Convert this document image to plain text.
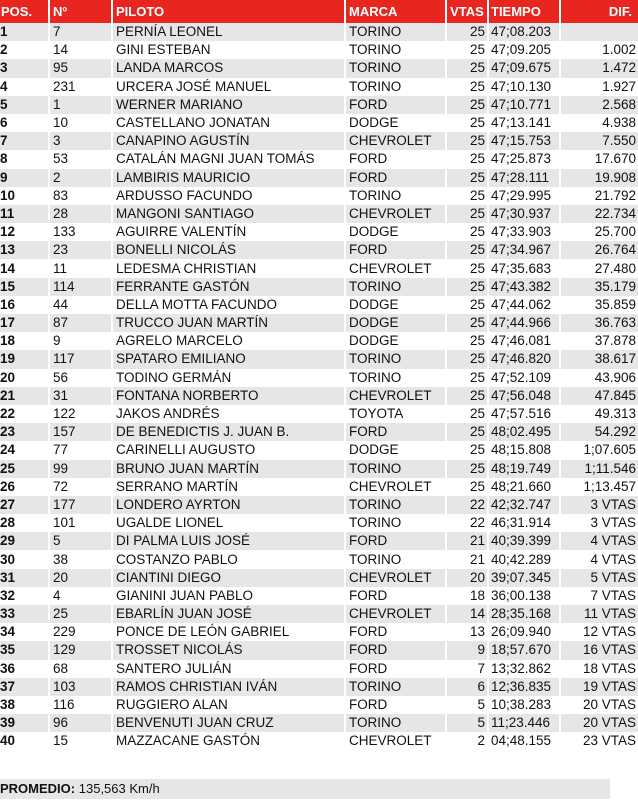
POS.	Nº	PILOTO	MARCA	VTAS	TIEMPO	DIF.
1	7	PERNÍA LEONEL	TORINO	25	47;08.203	
2	14	GINI ESTEBAN	TORINO	25	47;09.205	1.002
3	95	LANDA MARCOS	TORINO	25	47;09.675	1.472
4	231	URCERA JOSÉ MANUEL	TORINO	25	47;10.130	1.927
5	1	WERNER MARIANO	FORD	25	47;10.771	2.568
6	10	CASTELLANO JONATAN	DODGE	25	47;13.141	4.938
7	3	CANAPINO AGUSTÍN	CHEVROLET	25	47;15.753	7.550
8	53	CATALÁN MAGNI JUAN TOMÁS	FORD	25	47;25.873	17.670
9	2	LAMBIRIS MAURICIO	FORD	25	47;28.111	19.908
10	83	ARDUSSO FACUNDO	TORINO	25	47;29.995	21.792
11	28	MANGONI SANTIAGO	CHEVROLET	25	47;30.937	22.734
12	133	AGUIRRE VALENTÍN	DODGE	25	47;33.903	25.700
13	23	BONELLI NICOLÁS	FORD	25	47;34.967	26.764
14	11	LEDESMA CHRISTIAN	CHEVROLET	25	47;35.683	27.480
15	114	FERRANTE GASTÓN	TORINO	25	47;43.382	35.179
16	44	DELLA MOTTA FACUNDO	DODGE	25	47;44.062	35.859
17	87	TRUCCO JUAN MARTÍN	DODGE	25	47;44.966	36.763
18	9	AGRELO MARCELO	DODGE	25	47;46.081	37.878
19	117	SPATARO EMILIANO	TORINO	25	47;46.820	38.617
20	56	TODINO GERMÁN	TORINO	25	47;52.109	43.906
21	31	FONTANA NORBERTO	CHEVROLET	25	47;56.048	47.845
22	122	JAKOS ANDRÉS	TOYOTA	25	47;57.516	49.313
23	157	DE BENEDICTIS J. JUAN B.	FORD	25	48;02.495	54.292
24	77	CARINELLI AUGUSTO	DODGE	25	48;15.808	1;07.605
25	99	BRUNO JUAN MARTÍN	TORINO	25	48;19.749	1;11.546
26	72	SERRANO MARTÍN	CHEVROLET	25	48;21.660	1;13.457
27	177	LONDERO AYRTON	TORINO	22	42;32.747	3 VTAS
28	101	UGALDE LIONEL	TORINO	22	46;31.914	3 VTAS
29	5	DI PALMA LUIS JOSÉ	FORD	21	40;39.399	4 VTAS
30	38	COSTANZO PABLO	TORINO	21	40;42.289	4 VTAS
31	20	CIANTINI DIEGO	CHEVROLET	20	39;07.345	5 VTAS
32	4	GIANINI JUAN PABLO	FORD	18	36;00.138	7 VTAS
33	25	EBARLÍN JUAN JOSÉ	CHEVROLET	14	28;35.168	11 VTAS
34	229	PONCE DE LEÓN GABRIEL	FORD	13	26;09.940	12 VTAS
35	129	TROSSET NICOLÁS	FORD	9	18;57.670	16 VTAS
36	68	SANTERO JULIÁN	FORD	7	13;32.862	18 VTAS
37	103	RAMOS CHRISTIAN IVÁN	TORINO	6	12;36.835	19 VTAS
38	116	RUGGIERO ALAN	FORD	5	10;38.283	20 VTAS
39	96	BENVENUTI JUAN CRUZ	TORINO	5	11;23.446	20 VTAS
40	15	MAZZACANE GASTÓN	CHEVROLET	2	04;48.155	23 VTAS
PROMEDIO: 135,563 Km/h
